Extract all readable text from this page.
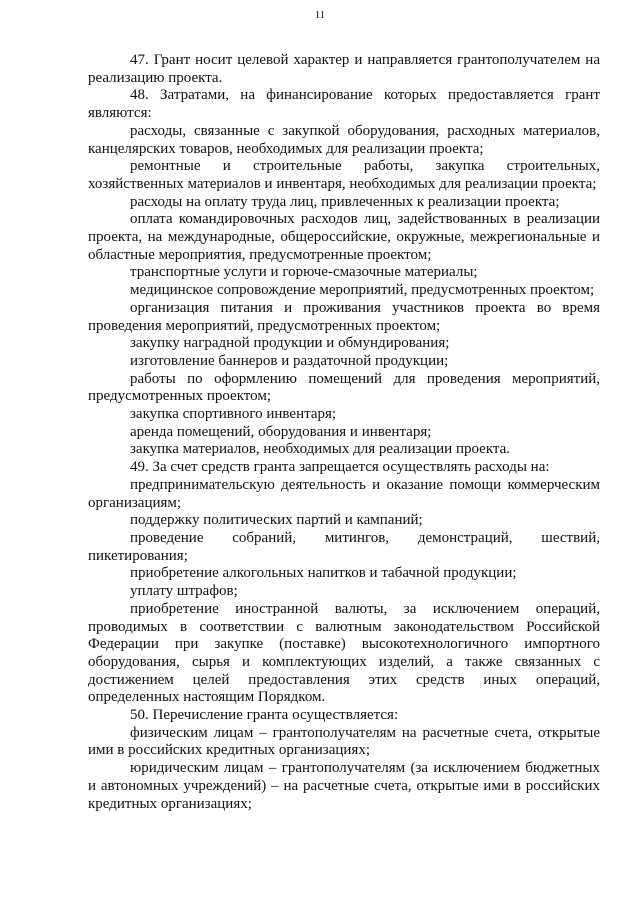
11

47. Грант носит целевой характер и направляется грантополучателем на реализацию проекта.

48. Затратами, на финансирование которых предоставляется грант являются:

расходы, связанные с закупкой оборудования, расходных материалов, канцелярских товаров, необходимых для реализации проекта;

ремонтные и строительные работы, закупка строительных, хозяйственных материалов и инвентаря, необходимых для реализации проекта;

расходы на оплату труда лиц, привлеченных к реализации проекта;

оплата командировочных расходов лиц, задействованных в реализации проекта, на международные, общероссийские, окружные, межрегиональные и областные мероприятия, предусмотренные проектом;

транспортные услуги и горюче-смазочные материалы;

медицинское сопровождение мероприятий, предусмотренных проектом;

организация питания и проживания участников проекта во время проведения мероприятий, предусмотренных проектом;

закупку наградной продукции и обмундирования;

изготовление баннеров и раздаточной продукции;

работы по оформлению помещений для проведения мероприятий, предусмотренных проектом;

закупка спортивного инвентаря;

аренда помещений, оборудования и инвентаря;

закупка материалов, необходимых для реализации проекта.

49. За счет средств гранта запрещается осуществлять расходы на:

предпринимательскую деятельность и оказание помощи коммерческим организациям;

поддержку политических партий и кампаний;

проведение собраний, митингов, демонстраций, шествий, пикетирования;

приобретение алкогольных напитков и табачной продукции;

уплату штрафов;

приобретение иностранной валюты, за исключением операций, проводимых в соответствии с валютным законодательством Российской Федерации при закупке (поставке) высокотехнологичного импортного оборудования, сырья и комплектующих изделий, а также связанных с достижением целей предоставления этих средств иных операций, определенных настоящим Порядком.

50. Перечисление гранта осуществляется:

физическим лицам – грантополучателям на расчетные счета, открытые ими в российских кредитных организациях;

юридическим лицам – грантополучателям (за исключением бюджетных и автономных учреждений) – на расчетные счета, открытые ими в российских кредитных организациях;
